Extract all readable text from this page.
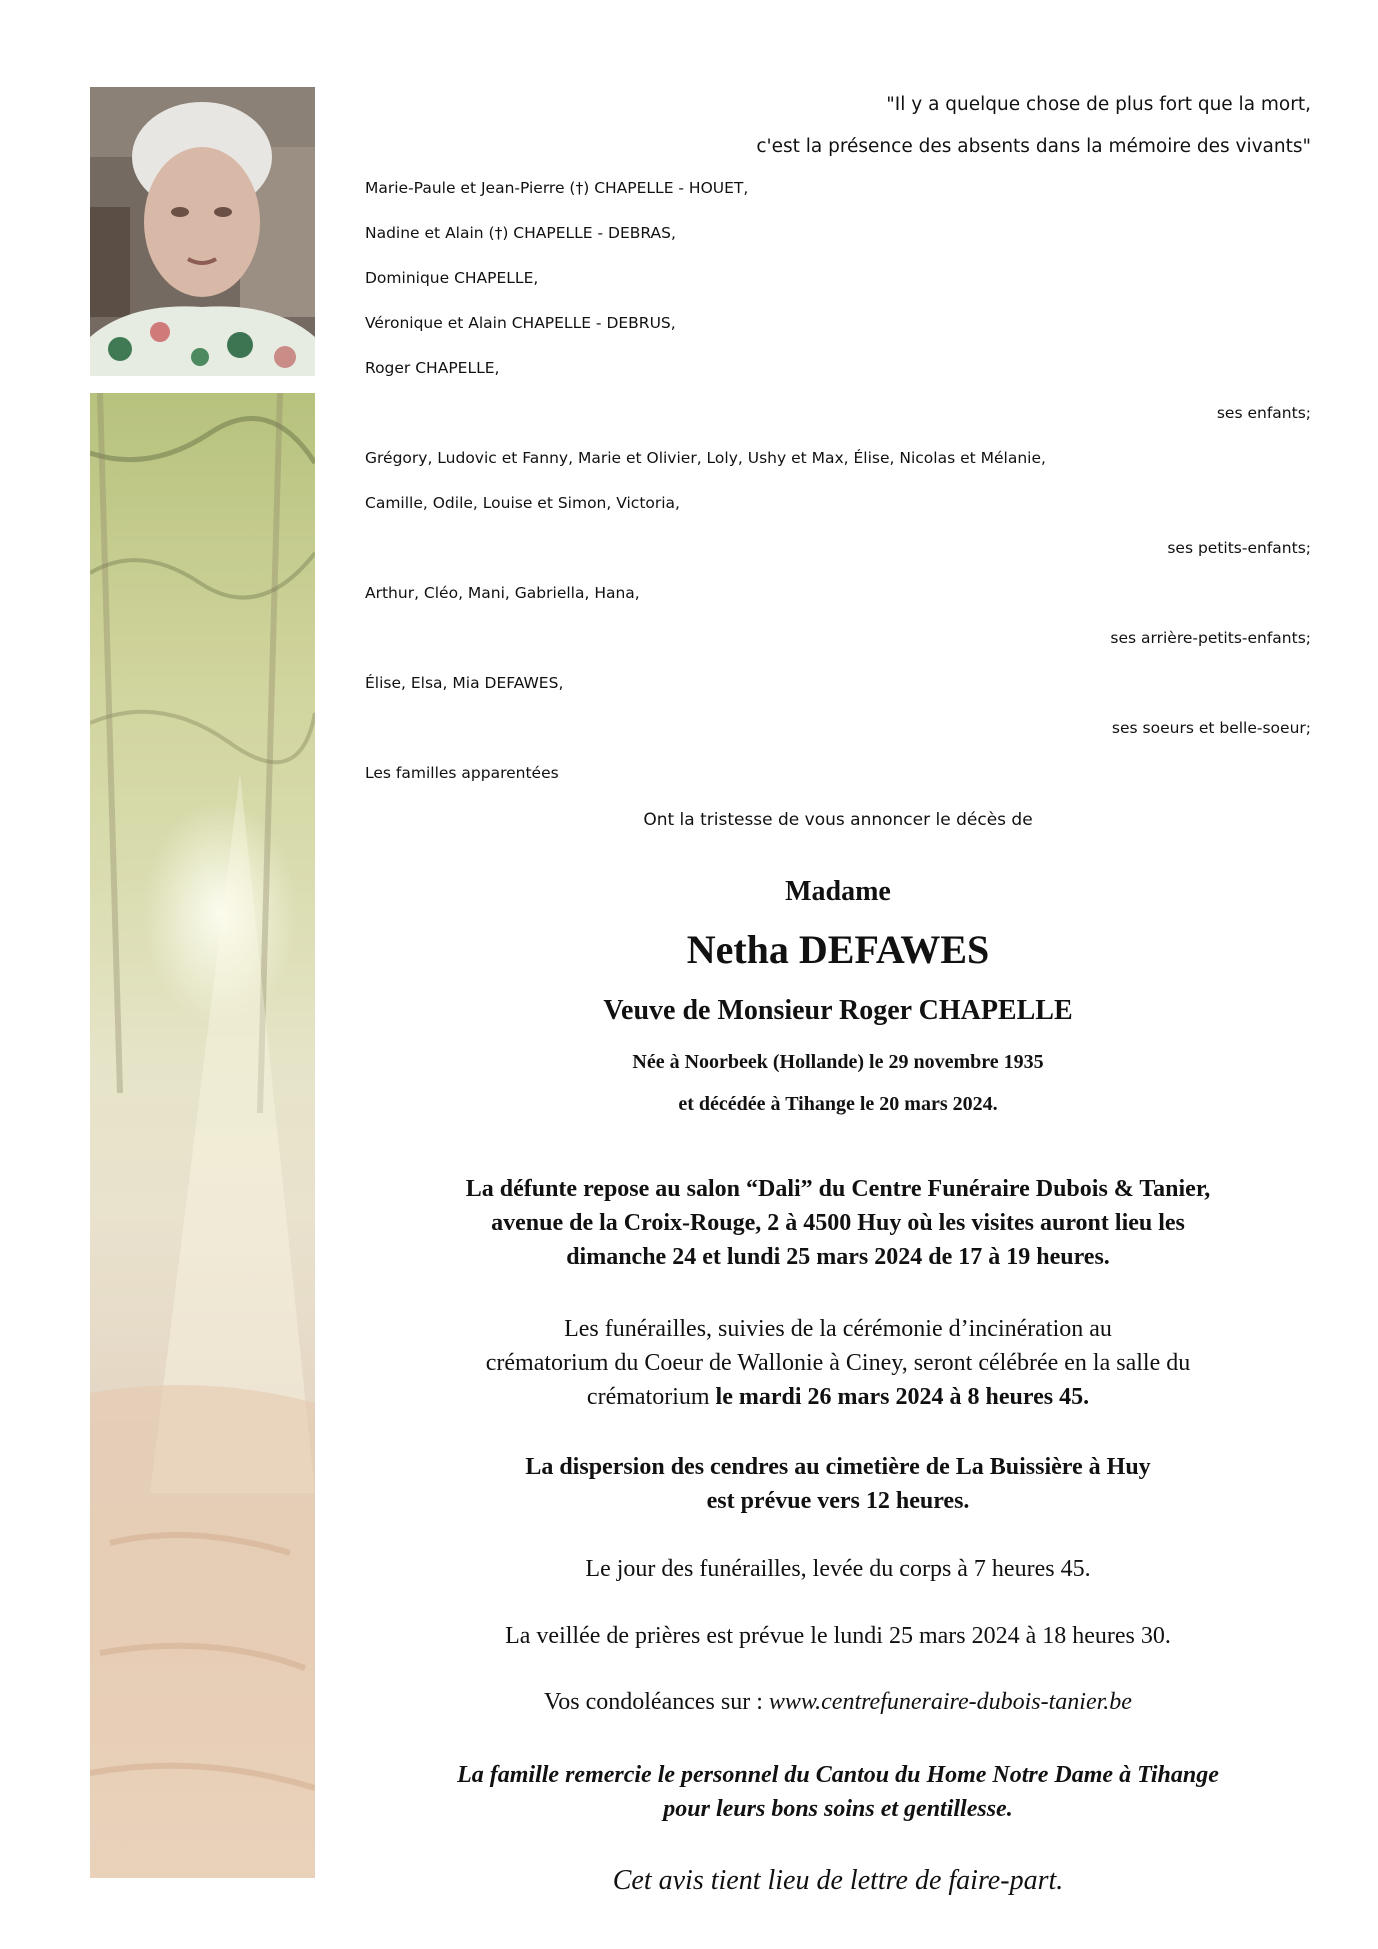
"Il y a quelque chose de plus fort que la mort,
c'est la présence des absents dans la mémoire des vivants"
Marie-Paule et Jean-Pierre (†) CHAPELLE - HOUET,
Nadine et Alain (†) CHAPELLE - DEBRAS,
Dominique CHAPELLE,
Véronique et Alain CHAPELLE - DEBRUS,
Roger CHAPELLE,
ses enfants;
Grégory, Ludovic et Fanny, Marie et Olivier, Loly, Ushy et Max, Élise, Nicolas et Mélanie,
Camille, Odile, Louise et Simon, Victoria,
ses petits-enfants;
Arthur, Cléo, Mani, Gabriella, Hana,
ses arrière-petits-enfants;
Élise, Elsa, Mia DEFAWES,
ses soeurs et belle-soeur;
Les familles apparentées
Ont la tristesse de vous annoncer le décès de
Madame
Netha DEFAWES
Veuve de Monsieur Roger CHAPELLE
Née à Noorbeek (Hollande) le 29 novembre 1935
et décédée à Tihange le 20 mars 2024.
La défunte repose au salon “Dali” du Centre Funéraire Dubois & Tanier,
avenue de la Croix-Rouge, 2 à 4500 Huy où les visites auront lieu les
dimanche 24 et lundi 25 mars 2024 de 17 à 19 heures.
Les funérailles, suivies de la cérémonie d’incinération au
crématorium du Coeur de Wallonie à Ciney, seront célébrée en la salle du
crématorium le mardi 26 mars 2024 à 8 heures 45.
La dispersion des cendres au cimetière de La Buissière à Huy
est prévue vers 12 heures.
Le jour des funérailles, levée du corps à 7 heures 45.
La veillée de prières est prévue le lundi 25 mars 2024 à 18 heures 30.
Vos condoléances sur : www.centrefuneraire-dubois-tanier.be
La famille remercie le personnel du Cantou du Home Notre Dame à Tihange
pour leurs bons soins et gentillesse.
Cet avis tient lieu de lettre de faire-part.
